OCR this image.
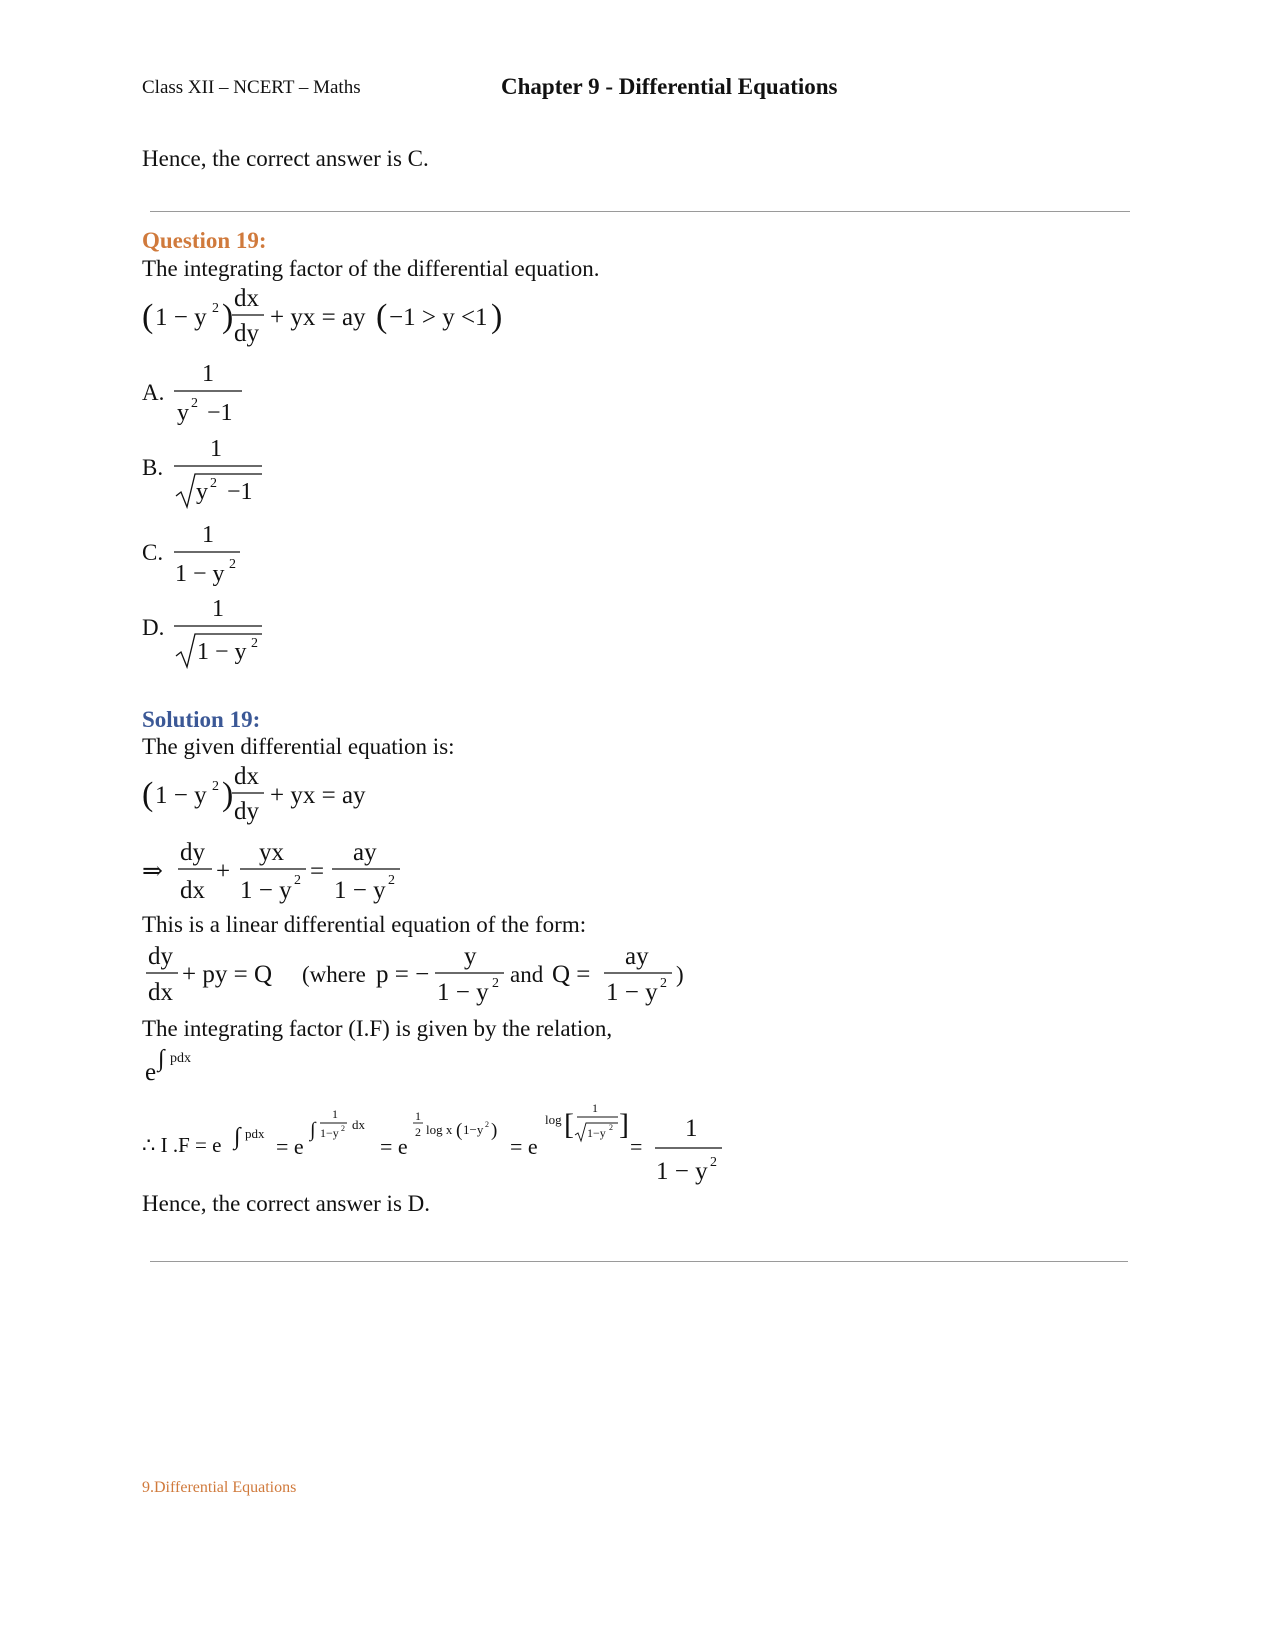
Class XII – NCERT – Maths	Chapter 9 - Differential Equations
Hence, the correct answer is C.
Question 19:
The integrating factor of the differential equation.
( 1 − y 2 ) dx
dy
+ yx = ay ( −1 > y <1 )
A.
1
y 2 −1
B.
1
y 2 −1
C.
1
1 − y 2
D.
1
1 − y 2
Solution 19:
The given differential equation is:
( 1 − y 2 ) dx
dy
+ yx = ay
⇒
dy
dx
+
yx
1 − y 2 =
ay
1 − y 2
This is a linear differential equation of the form:
dy
dx
+ py = Q (where p = −
y
1 − y 2 and Q =
ay
1 − y 2 )
The integrating factor (I.F) is given by the relation,
e ∫ pdx
∴ I .F = e ∫ pdx
= e
∫
1
1−y 2 dx
= e
1
2 log x ( 1−y 2 )
= e
log [ 1
1−y 2 ]
=
1
1 − y 2
Hence, the correct answer is D.
9.Differential Equations
